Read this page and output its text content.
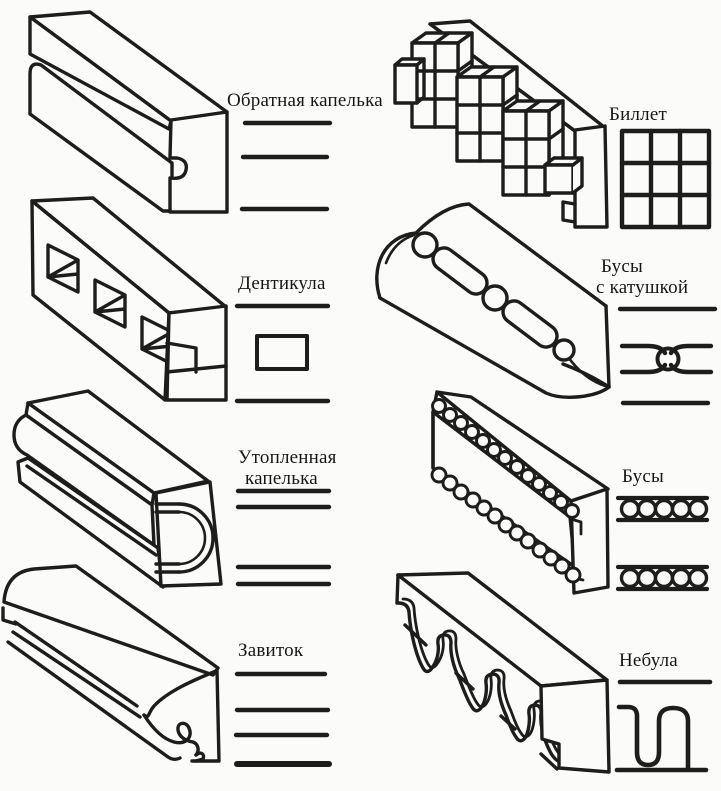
Обратная капелька
Биллет
Дентикула
Бусы
с катушкой
Утопленная
капелька	Бусы
Завиток	Небула
